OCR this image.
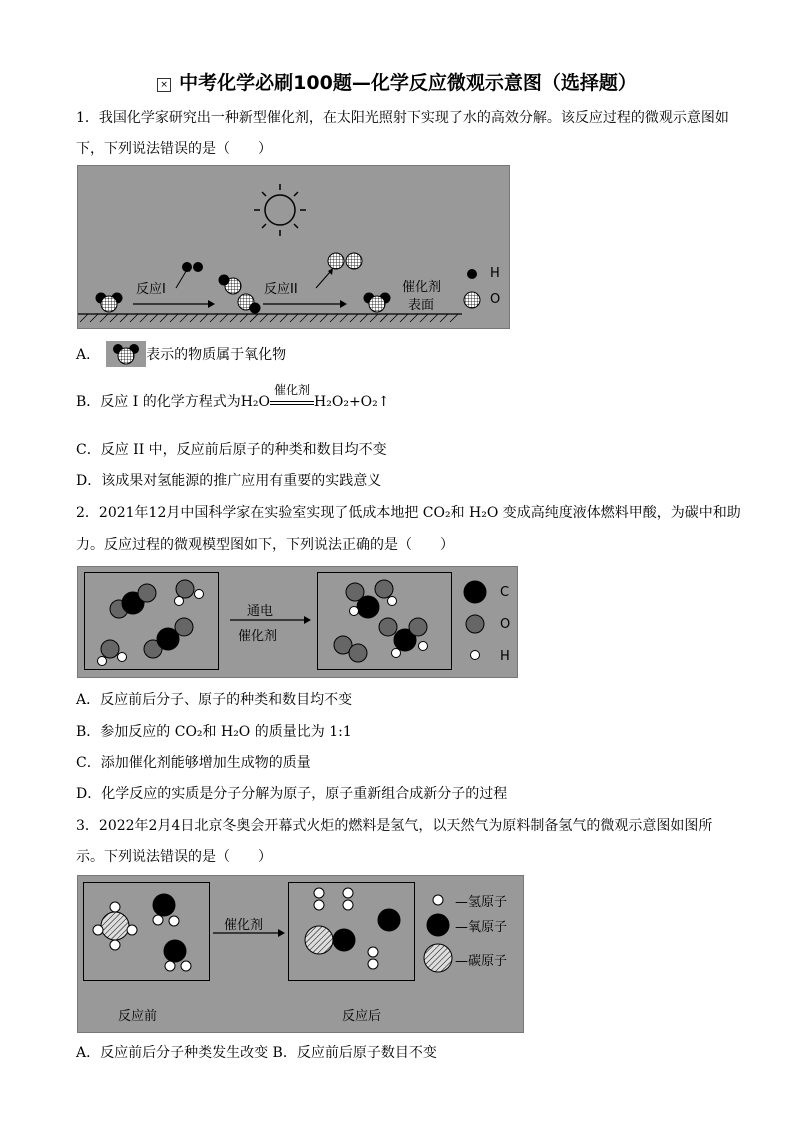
× 中考化学必刷100题—化学反应微观示意图（选择题）
1．我国化学家研究出一种新型催化剂，在太阳光照射下实现了水的高效分解。该反应过程的微观示意图如
下，下列说法错误的是（　　）
反应I	反应II	催化剂
表面
H
O
A．	表示的物质属于氧化物
B．反应 I 的化学方程式为H₂O
催化剂
H₂O₂+O₂↑
C．反应 II 中，反应前后原子的种类和数目均不变
D．该成果对氢能源的推广应用有重要的实践意义
2．2021年12月中国科学家在实验室实现了低成本地把 CO₂和 H₂O 变成高纯度液体燃料甲酸，为碳中和助
力。反应过程的微观模型图如下，下列说法正确的是（　　）
通电
催化剂
C
O
H
A．反应前后分子、原子的种类和数目均不变
B．参加反应的 CO₂和 H₂O 的质量比为 1:1
C．添加催化剂能够增加生成物的质量
D．化学反应的实质是分子分解为原子，原子重新组合成新分子的过程
3．2022年2月4日北京冬奥会开幕式火炬的燃料是氢气，以天然气为原料制备氢气的微观示意图如图所
示。下列说法错误的是（　　）
催化剂
—氢原子
—氧原子
—碳原子
反应前	反应后
A．反应前后分子种类发生改变 B．反应前后原子数目不变
